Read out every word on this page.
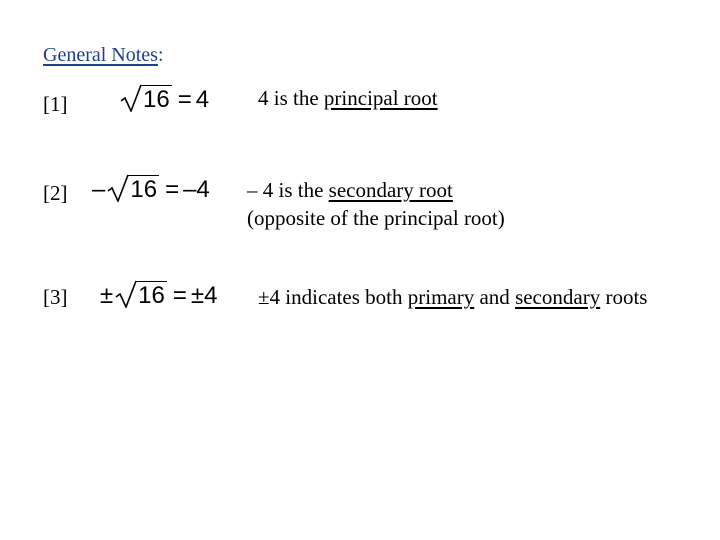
General Notes:
[1]	16 = 4 4 is the principal root
[2] – 16 = –4 – 4 is the secondary root
(opposite of the principal root)
[3] ± 16 = ±4 ±4 indicates both primary and secondary roots
